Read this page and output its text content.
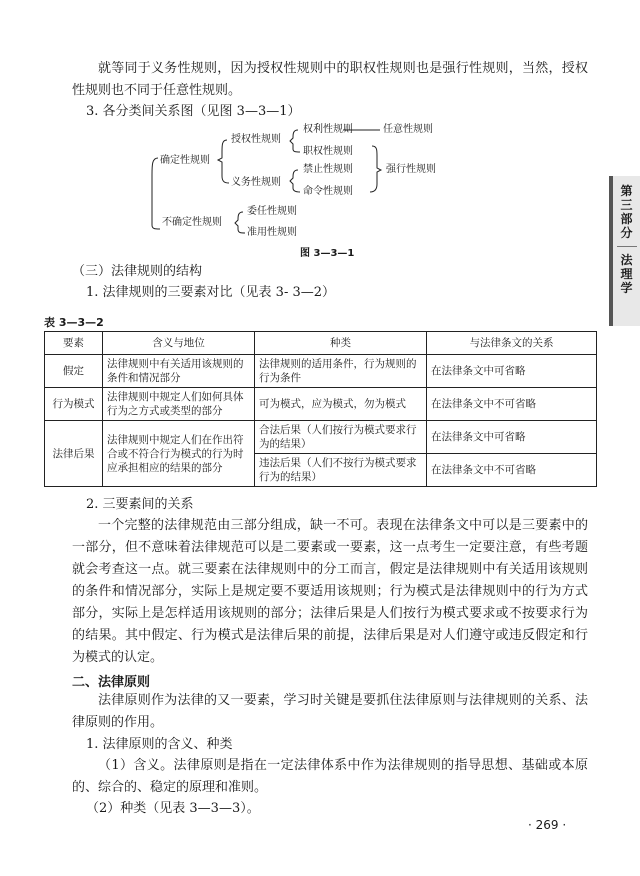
就等同于义务性规则，因为授权性规则中的职权性规则也是强行性规则，当然，授权性规则也不同于任意性规则。

3. 各分类间关系图（见图 3—3—1）
确定性规则
授权性规则
权利性规则	任意性规则
职权性规则
义务性规则
禁止性规则
命令性规则
强行性规则
不确定性规则
委任性规则
准用性规则
图 3—3—1
第三部分
法理学
（三）法律规则的结构
1. 法律规则的三要素对比（见表 3- 3—2）
表 3—3—2
要素	含义与地位	种类	与法律条文的关系
假定	法律规则中有关适用该规则的条件和情况部分	法律规则的适用条件，行为规则的行为条件	在法律条文中可省略
行为模式	法律规则中规定人们如何具体行为之方式或类型的部分	可为模式，应为模式，勿为模式	在法律条文中不可省略
法律后果	法律规则中规定人们在作出符合或不符合行为模式的行为时应承担相应的结果的部分	合法后果（人们按行为模式要求行为的结果）	在法律条文中可省略
		违法后果（人们不按行为模式要求行为的结果）	在法律条文中不可省略
2. 三要素间的关系

一个完整的法律规范由三部分组成，缺一不可。表现在法律条文中可以是三要素中的一部分，但不意味着法律规范可以是二要素或一要素，这一点考生一定要注意，有些考题就会考查这一点。就三要素在法律规则中的分工而言，假定是法律规则中有关适用该规则的条件和情况部分，实际上是规定要不要适用该规则；行为模式是法律规则中的行为方式部分，实际上是怎样适用该规则的部分；法律后果是人们按行为模式要求或不按要求行为的结果。其中假定、行为模式是法律后果的前提，法律后果是对人们遵守或违反假定和行为模式的认定。

二、法律原则

法律原则作为法律的又一要素，学习时关键是要抓住法律原则与法律规则的关系、法律原则的作用。

1. 法律原则的含义、种类

（1）含义。法律原则是指在一定法律体系中作为法律规则的指导思想、基础或本原的、综合的、稳定的原理和准则。

（2）种类（见表 3—3—3）。
· 269 ·
